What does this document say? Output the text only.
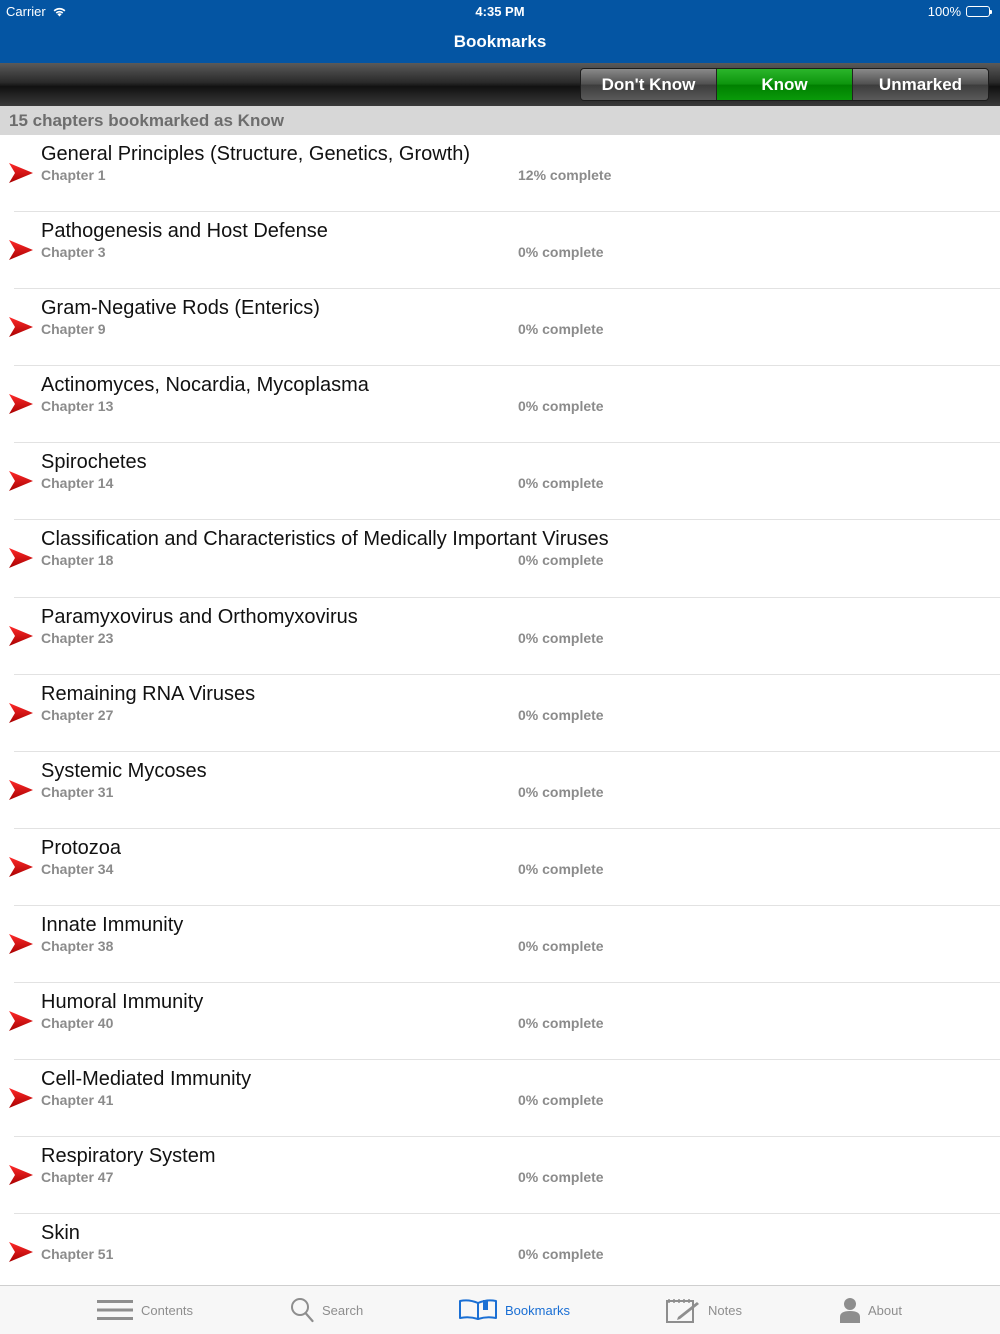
Carrier	4:35 PM	100%
Bookmarks
Don't Know	Know	Unmarked
15 chapters bookmarked as Know
General Principles (Structure, Genetics, Growth)
Chapter 1	12% complete
Pathogenesis and Host Defense
Chapter 3	0% complete
Gram-Negative Rods (Enterics)
Chapter 9	0% complete
Actinomyces, Nocardia, Mycoplasma
Chapter 13	0% complete
Spirochetes
Chapter 14	0% complete
Classification and Characteristics of Medically Important Viruses
Chapter 18	0% complete
Paramyxovirus and Orthomyxovirus
Chapter 23	0% complete
Remaining RNA Viruses
Chapter 27	0% complete
Systemic Mycoses
Chapter 31	0% complete
Protozoa
Chapter 34	0% complete
Innate Immunity
Chapter 38	0% complete
Humoral Immunity
Chapter 40	0% complete
Cell-Mediated Immunity
Chapter 41	0% complete
Respiratory System
Chapter 47	0% complete
Skin
Chapter 51	0% complete
Contents	Search	Bookmarks	Notes	About
